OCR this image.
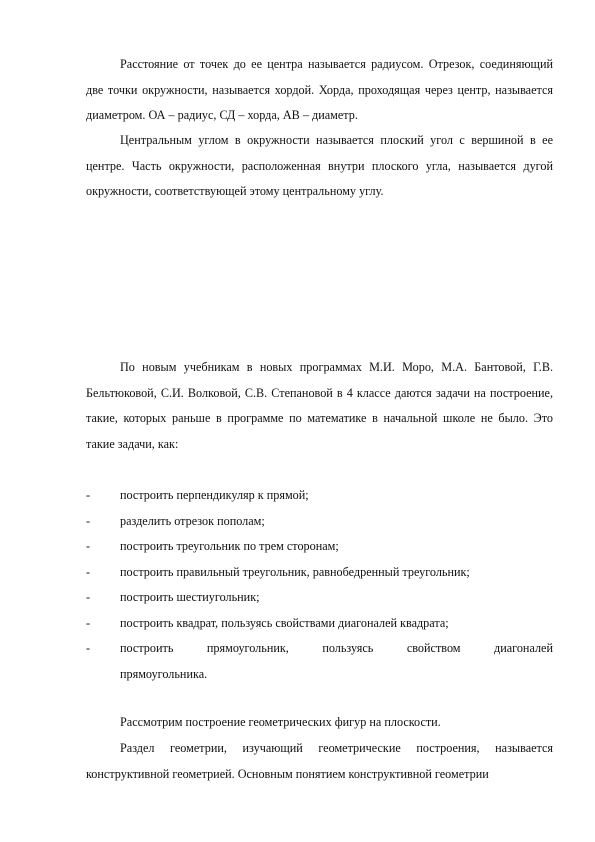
Расстояние от точек до ее центра называется радиусом. Отрезок, соединяющий две точки окружности, называется хордой. Хорда, проходящая через центр, называется диаметром. ОА – радиус, СД – хорда, АВ – диаметр.

Центральным углом в окружности называется плоский угол с вершиной в ее центре. Часть окружности, расположенная внутри плоского угла, называется дугой окружности, соответствующей этому центральному углу.

По новым учебникам в новых программах М.И. Моро, М.А. Бантовой, Г.В. Бельтюковой, С.И. Волковой, С.В. Степановой в 4 классе даются задачи на построение, такие, которых раньше в программе по математике в начальной школе не было. Это такие задачи, как:

- построить перпендикуляр к прямой;
- разделить отрезок пополам;
- построить треугольник по трем сторонам;
- построить правильный треугольник, равнобедренный треугольник;
- построить шестиугольник;
- построить квадрат, пользуясь свойствами диагоналей квадрата;
- построить прямоугольник, пользуясь свойством диагоналей
прямоугольника.

Рассмотрим построение геометрических фигур на плоскости.

Раздел геометрии, изучающий геометрические построения, называется конструктивной геометрией. Основным понятием конструктивной геометрии
